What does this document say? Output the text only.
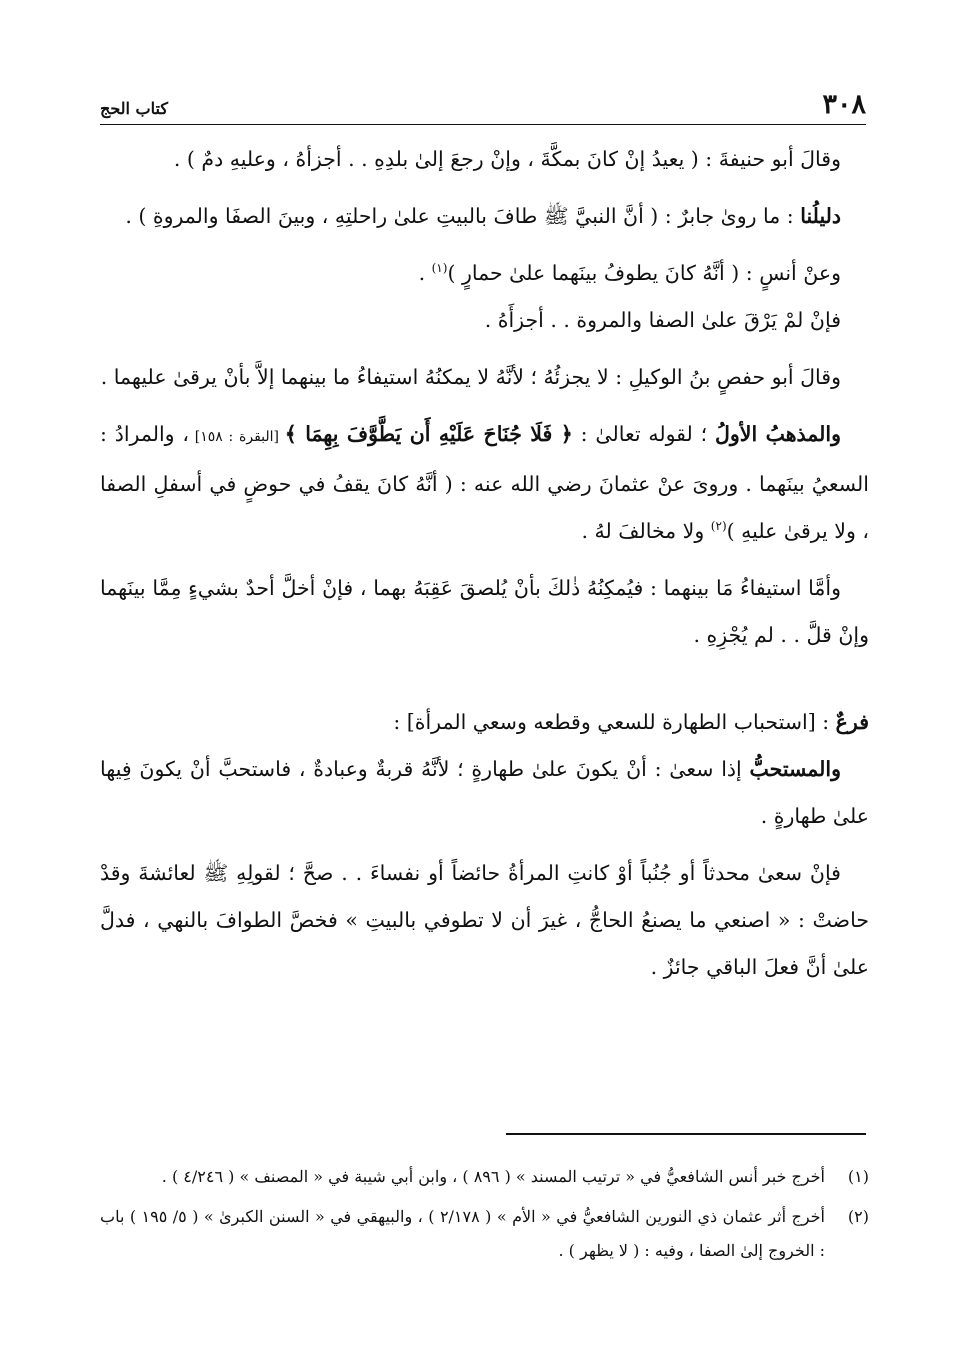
٣٠٨
كتاب الحج

وقالَ أبو حنيفةَ : ( يعيدُ إنْ كانَ بمكَّةَ ، وإنْ رجعَ إلىٰ بلدِهِ . . أجزأهُ ، وعليهِ دمٌ ) .

دليلُنا : ما رویٰ جابرٌ : ( أنَّ النبيَّ ﷺ طافَ بالبيتِ علیٰ راحلتِهِ ، وبينَ الصفَا والمروةِ ) .

وعنْ أنسٍ : ( أنَّهُ كانَ يطوفُ بينَهما علیٰ حمارٍ )$^{(١)}$ .

فإنْ لمْ يَرْقَ علیٰ الصفا والمروة . . أجزأَهُ .

وقالَ أبو حفصٍ بنُ الوكيلِ : لا يجزئُهُ ؛ لأنَّهُ لا يمكنُهُ استيفاءُ ما بينهما إلاَّ بأنْ يرقیٰ عليهما .

والمذهبُ الأولُ ؛ لقوله تعالیٰ : ﴿ فَلَا جُنَاحَ عَلَيْهِ أَن يَطَّوَّفَ بِهِمَا ﴾ [البقرة : ١٥٨] ، والمرادُ : السعيُ بينَهما . ورویَ عنْ عثمانَ رضي الله عنه : ( أنَّهُ كانَ يقفُ في حوضٍ في أسفلِ الصفا ، ولا يرقیٰ عليهِ )$^{(٢)}$ ولا مخالفَ لهُ .

وأمَّا استيفاءُ مَا بينهما : فيُمكِنُهُ ذٰلكَ بأنْ يُلصقَ عَقِبَهُ بهما ، فإنْ أخلَّ أحدٌ بشيءٍ مِمَّا بينَهما وإنْ قلَّ . . لم يُجْزِهِ .

فرعٌ : [استحباب الطهارة للسعي وقطعه وسعي المرأة] :

والمستحبُّ إذا سعیٰ : أنْ يكونَ علیٰ طهارةٍ ؛ لأنَّهُ قربةٌ وعبادةٌ ، فاستحبَّ أنْ يكونَ فِيها علیٰ طهارةٍ .

فإنْ سعیٰ محدثاً أو جُنُباً أوْ كانتِ المرأةُ حائضاً أو نفساءَ . . صحَّ ؛ لقولِهِ ﷺ لعائشةَ وقدْ حاضتْ : « اصنعي ما يصنعُ الحاجُّ ، غيرَ أن لا تطوفي بالبيتِ » فخصَّ الطوافَ بالنهي ، فدلَّ علیٰ أنَّ فعلَ الباقي جائزٌ .

(١)
أخرج خبر أنس الشافعيُّ في « ترتيب المسند » ( ٨٩٦ ) ، وابن أبي شيبة في « المصنف » ( ٤/٢٤٦ ) .
(٢)
أخرج أثر عثمان ذي النورين الشافعيُّ في « الأم » ( ٢/١٧٨ ) ، والبيهقي في « السنن الكبریٰ » ( ٥/ ١٩٥ ) باب : الخروج إلیٰ الصفا ، وفيه : ( لا يظهر ) .
